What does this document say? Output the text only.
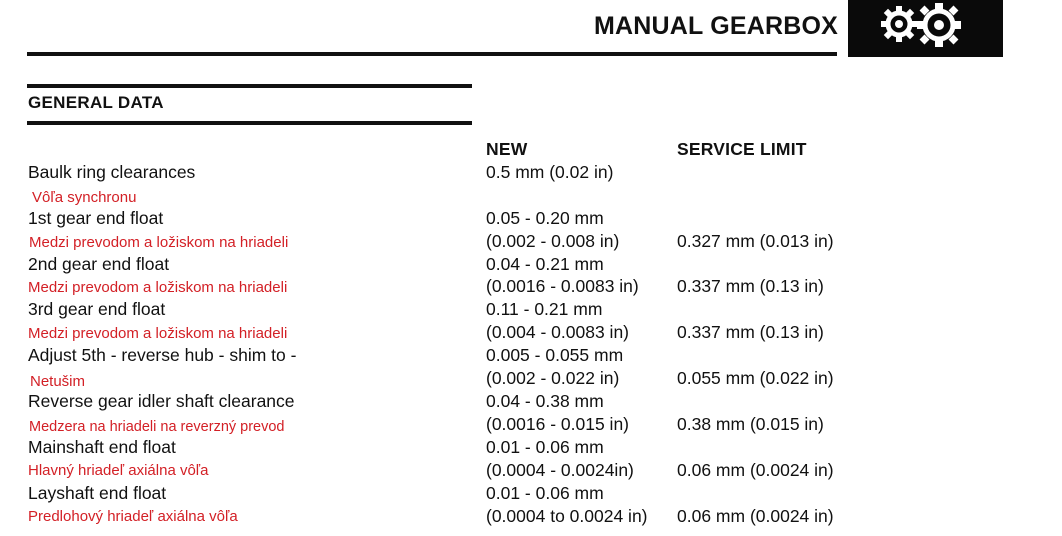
MANUAL GEARBOX
GENERAL DATA
NEW	SERVICE LIMIT
Baulk ring clearances	0.5 mm (0.02 in)
Vôľa synchronu
1st gear end float	0.05 - 0.20 mm
Medzi prevodom a ložiskom na hriadeli	(0.002 - 0.008 in)	0.327 mm (0.013 in)
2nd gear end float	0.04 - 0.21 mm
Medzi prevodom a ložiskom na hriadeli	(0.0016 - 0.0083 in) 0.337 mm (0.13 in)
3rd gear end float	0.11 - 0.21 mm
Medzi prevodom a ložiskom na hriadeli	(0.004 - 0.0083 in)	0.337 mm (0.13 in)
Adjust 5th - reverse hub - shim to -	0.005 - 0.055 mm
Netušim	(0.002 - 0.022 in)	0.055 mm (0.022 in)
Reverse gear idler shaft clearance	0.04 - 0.38 mm
Medzera na hriadeli na reverzný prevod	(0.0016 - 0.015 in)	0.38 mm (0.015 in)
Mainshaft end float	0.01 - 0.06 mm
Hlavný hriadeľ axiálna vôľa	(0.0004 - 0.0024in) 0.06 mm (0.0024 in)
Layshaft end float	0.01 - 0.06 mm
Predlohový hriadeľ axiálna vôľa	(0.0004 to 0.0024 in) 0.06 mm (0.0024 in)
